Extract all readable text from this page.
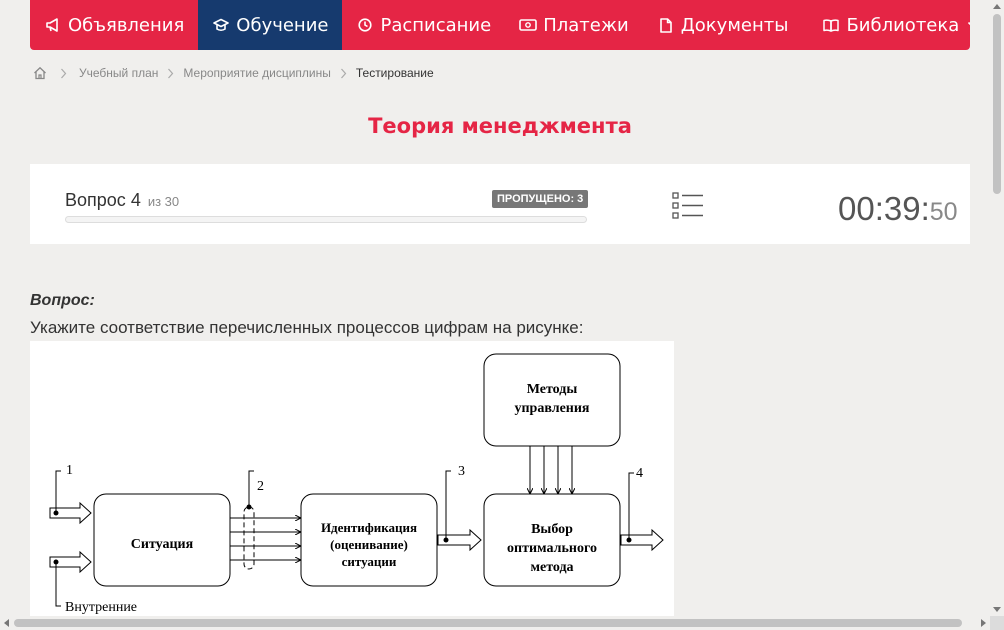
Объявления	Обучение	Расписание	Платежи	Документы	Библиотека
Учебный план Мероприятие дисциплины Тестирование
Теория менеджмента
Вопрос 4 из 30	ПРОПУЩЕНО: 3	00:39:50
Вопрос:
Укажите соответствие перечисленных процессов цифрам на рисунке:
Ситуация
Идентификация
(оценивание)
ситуации
Выбор
оптимального
метода
Методы
управления
1
2
3	4
Внутренние
